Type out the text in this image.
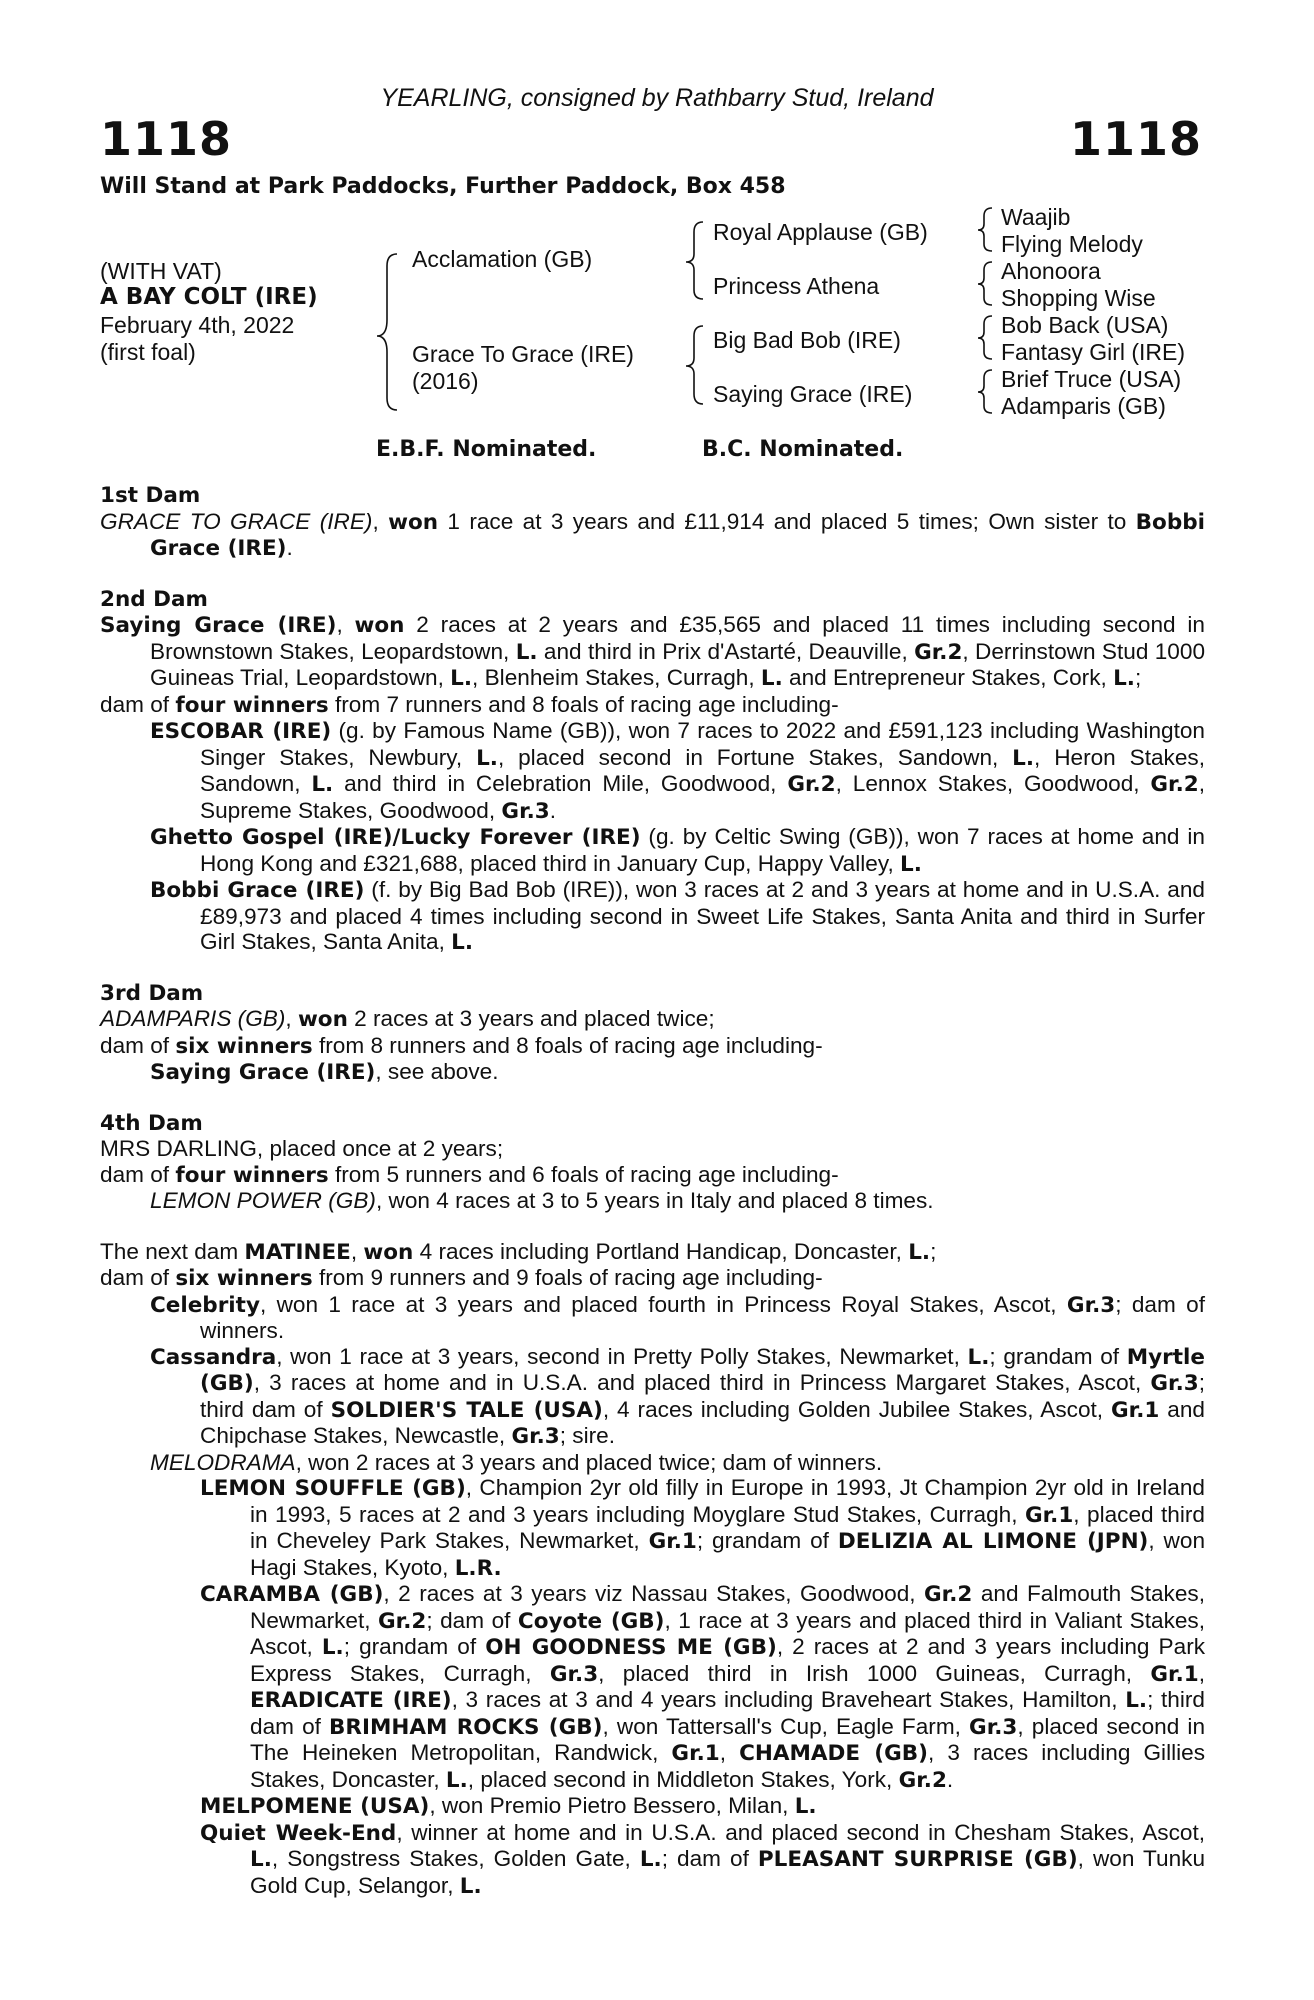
YEARLING, consigned by Rathbarry Stud, Ireland
1118	1118
Will Stand at Park Paddocks, Further Paddock, Box 458
(WITH VAT)
A BAY COLT (IRE)
February 4th, 2022
(first foal)
Acclamation (GB)
Grace To Grace (IRE)
(2016)
Royal Applause (GB)
Princess Athena
Big Bad Bob (IRE)
Saying Grace (IRE)
Waajib
Flying Melody
Ahonoora
Shopping Wise
Bob Back (USA)
Fantasy Girl (IRE)
Brief Truce (USA)
Adamparis (GB)
E.B.F. Nominated.	B.C. Nominated.
1st Dam
GRACE TO GRACE (IRE), won 1 race at 3 years and £11,914 and placed 5 times; Own sister to Bobbi Grace (IRE).
2nd Dam
Saying Grace (IRE), won 2 races at 2 years and £35,565 and placed 11 times including second in Brownstown Stakes, Leopardstown, L. and third in Prix d'Astarté, Deauville, Gr.2, Derrinstown Stud 1000 Guineas Trial, Leopardstown, L., Blenheim Stakes, Curragh, L. and Entrepreneur Stakes, Cork, L.;
dam of four winners from 7 runners and 8 foals of racing age including-
ESCOBAR (IRE) (g. by Famous Name (GB)), won 7 races to 2022 and £591,123 including Washington Singer Stakes, Newbury, L., placed second in Fortune Stakes, Sandown, L., Heron Stakes, Sandown, L. and third in Celebration Mile, Goodwood, Gr.2, Lennox Stakes, Goodwood, Gr.2, Supreme Stakes, Goodwood, Gr.3.
Ghetto Gospel (IRE)/Lucky Forever (IRE) (g. by Celtic Swing (GB)), won 7 races at home and in Hong Kong and £321,688, placed third in January Cup, Happy Valley, L.
Bobbi Grace (IRE) (f. by Big Bad Bob (IRE)), won 3 races at 2 and 3 years at home and in U.S.A. and £89,973 and placed 4 times including second in Sweet Life Stakes, Santa Anita and third in Surfer Girl Stakes, Santa Anita, L.
3rd Dam
ADAMPARIS (GB), won 2 races at 3 years and placed twice;
dam of six winners from 8 runners and 8 foals of racing age including-
Saying Grace (IRE), see above.
4th Dam
MRS DARLING, placed once at 2 years;
dam of four winners from 5 runners and 6 foals of racing age including-
LEMON POWER (GB), won 4 races at 3 to 5 years in Italy and placed 8 times.
The next dam MATINEE, won 4 races including Portland Handicap, Doncaster, L.;
dam of six winners from 9 runners and 9 foals of racing age including-
Celebrity, won 1 race at 3 years and placed fourth in Princess Royal Stakes, Ascot, Gr.3; dam of winners.
Cassandra, won 1 race at 3 years, second in Pretty Polly Stakes, Newmarket, L.; grandam of Myrtle (GB), 3 races at home and in U.S.A. and placed third in Princess Margaret Stakes, Ascot, Gr.3; third dam of SOLDIER'S TALE (USA), 4 races including Golden Jubilee Stakes, Ascot, Gr.1 and Chipchase Stakes, Newcastle, Gr.3; sire.
MELODRAMA, won 2 races at 3 years and placed twice; dam of winners.
LEMON SOUFFLE (GB), Champion 2yr old filly in Europe in 1993, Jt Champion 2yr old in Ireland in 1993, 5 races at 2 and 3 years including Moyglare Stud Stakes, Curragh, Gr.1, placed third in Cheveley Park Stakes, Newmarket, Gr.1; grandam of DELIZIA AL LIMONE (JPN), won Hagi Stakes, Kyoto, L.R.
CARAMBA (GB), 2 races at 3 years viz Nassau Stakes, Goodwood, Gr.2 and Falmouth Stakes, Newmarket, Gr.2; dam of Coyote (GB), 1 race at 3 years and placed third in Valiant Stakes, Ascot, L.; grandam of OH GOODNESS ME (GB), 2 races at 2 and 3 years including Park Express Stakes, Curragh, Gr.3, placed third in Irish 1000 Guineas, Curragh, Gr.1, ERADICATE (IRE), 3 races at 3 and 4 years including Braveheart Stakes, Hamilton, L.; third dam of BRIMHAM ROCKS (GB), won Tattersall's Cup, Eagle Farm, Gr.3, placed second in The Heineken Metropolitan, Randwick, Gr.1, CHAMADE (GB), 3 races including Gillies Stakes, Doncaster, L., placed second in Middleton Stakes, York, Gr.2.
MELPOMENE (USA), won Premio Pietro Bessero, Milan, L.
Quiet Week-End, winner at home and in U.S.A. and placed second in Chesham Stakes, Ascot, L., Songstress Stakes, Golden Gate, L.; dam of PLEASANT SURPRISE (GB), won Tunku Gold Cup, Selangor, L.
